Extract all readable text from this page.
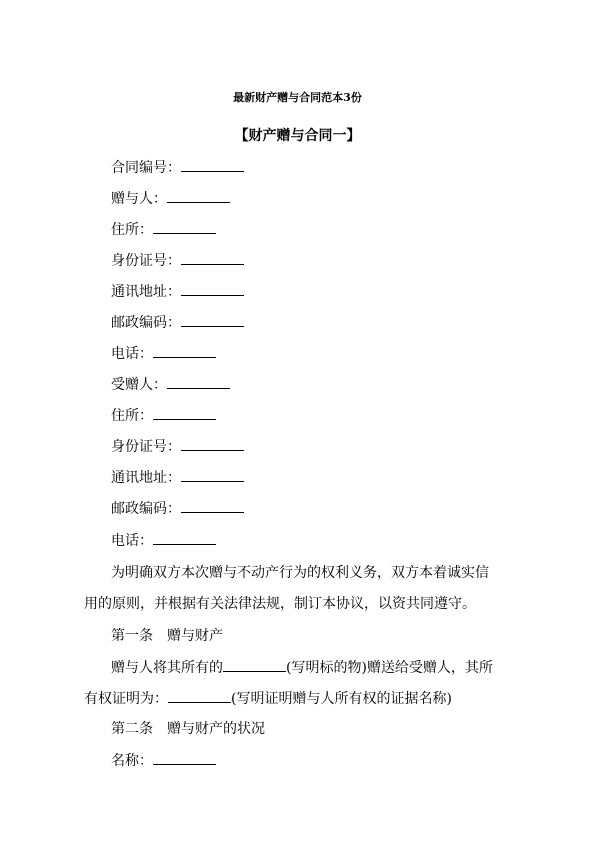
最新财产赠与合同范本3份
【财产赠与合同一】
合同编号：
赠与人：
住所：
身份证号：
通讯地址：
邮政编码：
电话：
受赠人：
住所：
身份证号：
通讯地址：
邮政编码：
电话：
为明确双方本次赠与不动产行为的权利义务，双方本着诚实信
用的原则，并根据有关法律法规，制订本协议，以资共同遵守。
第一条　赠与财产
赠与人将其所有的	(写明标的物)赠送给受赠人，其所
有权证明为：	(写明证明赠与人所有权的证据名称)
第二条　赠与财产的状况
名称：
